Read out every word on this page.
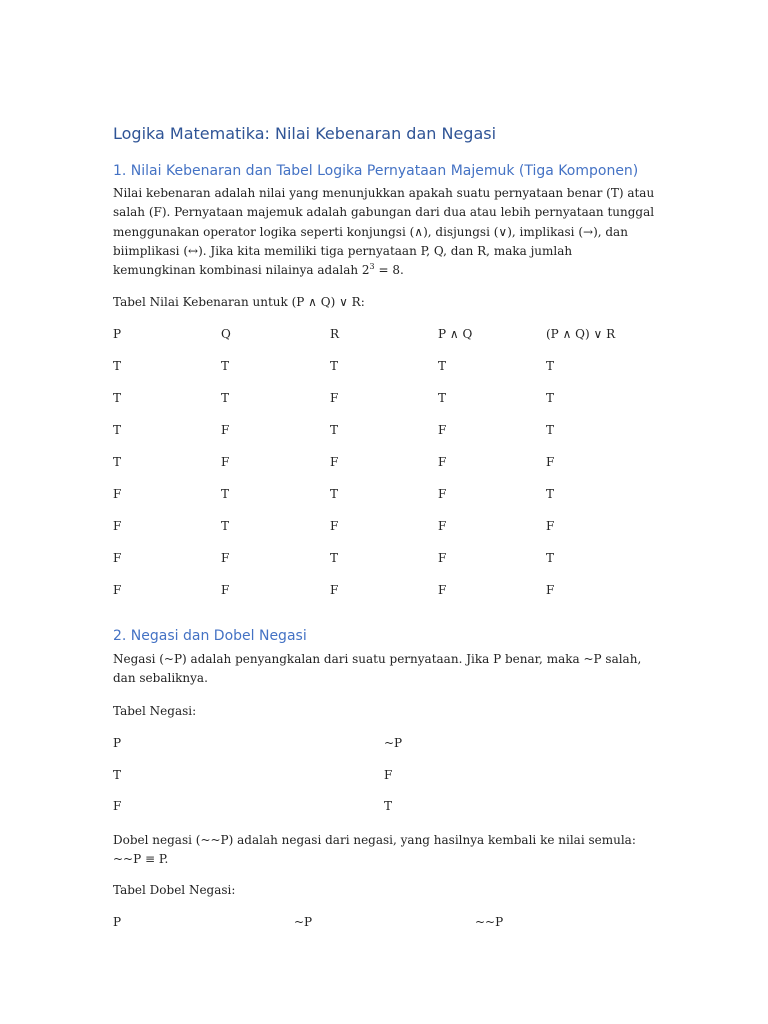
Logika Matematika: Nilai Kebenaran dan Negasi
1. Nilai Kebenaran dan Tabel Logika Pernyataan Majemuk (Tiga Komponen)

Nilai kebenaran adalah nilai yang menunjukkan apakah suatu pernyataan benar (T) atau salah (F). Pernyataan majemuk adalah gabungan dari dua atau lebih pernyataan tunggal menggunakan operator logika seperti konjungsi (∧), disjungsi (∨), implikasi (→), dan biimplikasi (↔). Jika kita memiliki tiga pernyataan P, Q, dan R, maka jumlah kemungkinan kombinasi nilainya adalah $2^3 = 8$.

Tabel Nilai Kebenaran untuk (P ∧ Q) ∨ R:
P	Q	R	P ∧ Q	(P ∧ Q) ∨ R
T	T	T	T	T
T	T	F	T	T
T	F	T	F	T
T	F	F	F	F
F	T	T	F	T
F	T	F	F	F
F	F	T	F	T
F	F	F	F	F
2. Negasi dan Dobel Negasi

Negasi (~P) adalah penyangkalan dari suatu pernyataan. Jika P benar, maka ~P salah, dan sebaliknya.

Tabel Negasi:
P	~P
T	F
F	T

Dobel negasi (~~P) adalah negasi dari negasi, yang hasilnya kembali ke nilai semula: ~~P ≡ P.

Tabel Dobel Negasi:
P	~P	~~P
